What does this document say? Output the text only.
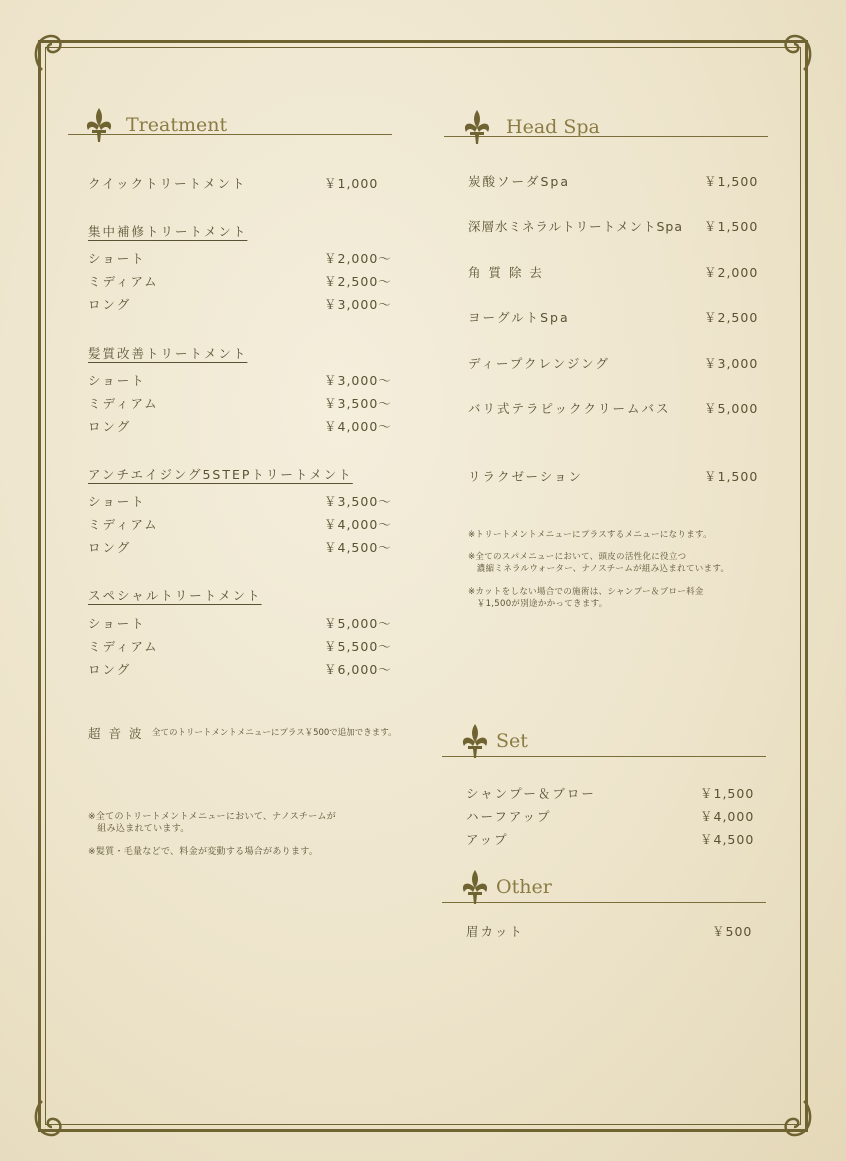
Treatment
クイックトリートメント	￥1,000
集中補修トリートメント
ショート	￥2,000～
ミディアム	￥2,500～
ロング	￥3,000～
髪質改善トリートメント
ショート	￥3,000～
ミディアム	￥3,500～
ロング	￥4,000～
アンチエイジング5STEPトリートメント
ショート	￥3,500～
ミディアム	￥4,000～
ロング	￥4,500～
スペシャルトリートメント
ショート	￥5,000～
ミディアム	￥5,500～
ロング	￥6,000～
超 音 波 全てのトリートメントメニューにプラス￥500で追加できます。
※全てのトリートメントメニューにおいて、ナノスチームが
　組み込まれています。
※髪質・毛量などで、料金が変動する場合があります。
Head Spa
炭酸ソーダSpa	￥1,500
深層水ミネラルトリートメントSpa ￥1,500
角 質 除 去	￥2,000
ヨーグルトSpa	￥2,500
ディープクレンジング	￥3,000
バリ式テラピッククリームバス	￥5,000
リラクゼーション	￥1,500
※トリートメントメニューにプラスするメニューになります。
※全てのスパメニューにおいて、頭皮の活性化に役立つ
　濃縮ミネラルウォーター、ナノスチームが組み込まれています。
※カットをしない場合での施術は、シャンプー＆ブロー料金
　￥1,500が別途かかってきます。
Set
シャンプー＆ブロー	￥1,500
ハーフアップ	￥4,000
アップ	￥4,500
Other
眉カット	￥500
